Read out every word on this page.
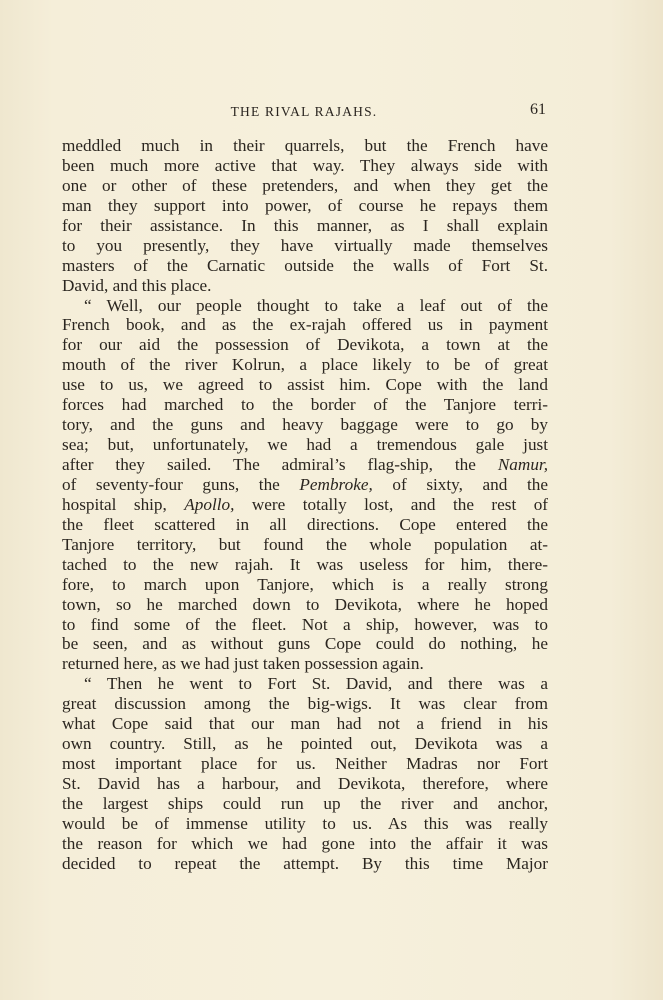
THE RIVAL RAJAHS.	61
meddled much in their quarrels, but the French have
been much more active that way. They always side with
one or other of these pretenders, and when they get the
man they support into power, of course he repays them
for their assistance. In this manner, as I shall explain
to you presently, they have virtually made themselves
masters of the Carnatic outside the walls of Fort St.
David, and this place.
“ Well, our people thought to take a leaf out of the
French book, and as the ex-rajah offered us in payment
for our aid the possession of Devikota, a town at the
mouth of the river Kolrun, a place likely to be of great
use to us, we agreed to assist him. Cope with the land
forces had marched to the border of the Tanjore terri-
tory, and the guns and heavy baggage were to go by
sea; but, unfortunately, we had a tremendous gale just
after they sailed. The admiral’s flag-ship, the Namur,
of seventy-four guns, the Pembroke, of sixty, and the
hospital ship, Apollo, were totally lost, and the rest of
the fleet scattered in all directions. Cope entered the
Tanjore territory, but found the whole population at-
tached to the new rajah. It was useless for him, there-
fore, to march upon Tanjore, which is a really strong
town, so he marched down to Devikota, where he hoped
to find some of the fleet. Not a ship, however, was to
be seen, and as without guns Cope could do nothing, he
returned here, as we had just taken possession again.
“ Then he went to Fort St. David, and there was a
great discussion among the big-wigs. It was clear from
what Cope said that our man had not a friend in his
own country. Still, as he pointed out, Devikota was a
most important place for us. Neither Madras nor Fort
St. David has a harbour, and Devikota, therefore, where
the largest ships could run up the river and anchor,
would be of immense utility to us. As this was really
the reason for which we had gone into the affair it was
decided to repeat the attempt. By this time Major
